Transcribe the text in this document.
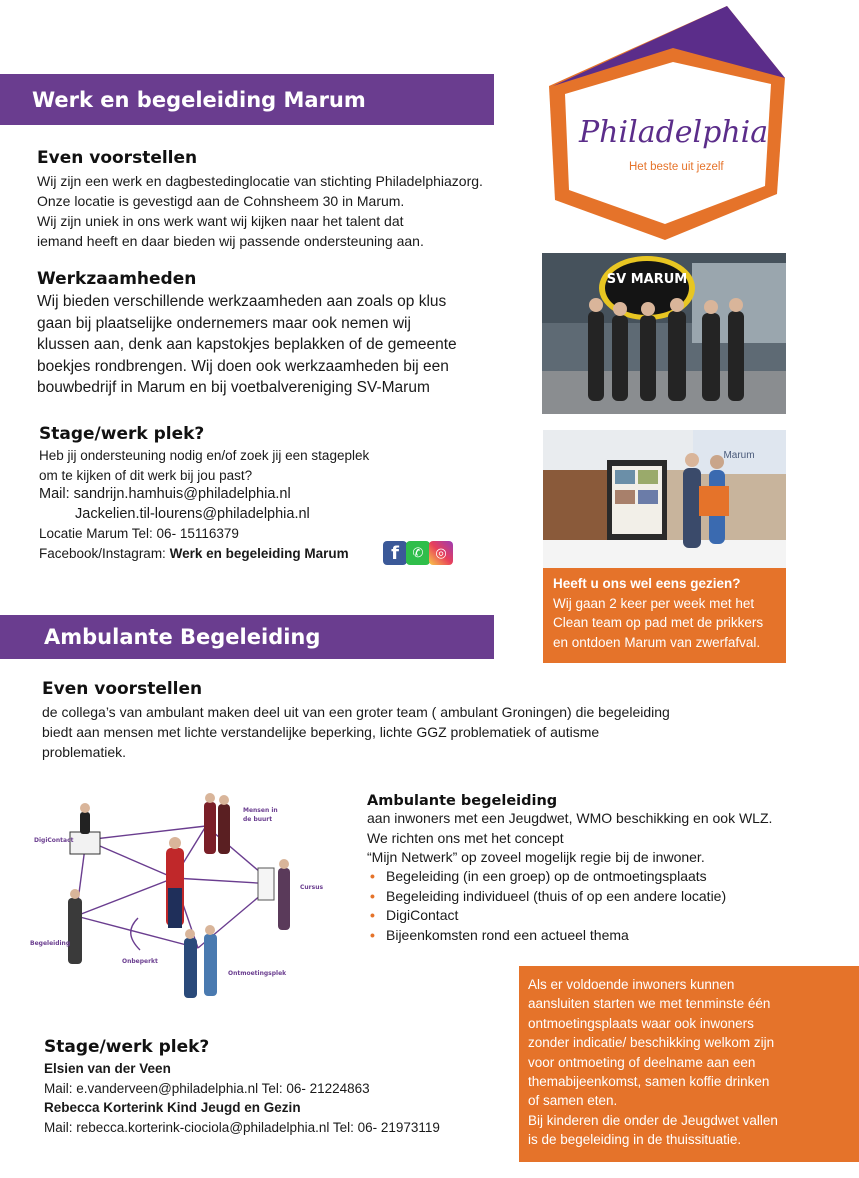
Werk en begeleiding Marum
Even voorstellen
Wij zijn een werk en dagbestedinglocatie van stichting Philadelphiazorg.
Onze locatie is gevestigd aan de Cohnsheem 30 in Marum.
Wij zijn uniek in ons werk want wij kijken naar het talent dat
iemand heeft en daar bieden wij passende ondersteuning aan.
Werkzaamheden
Wij bieden verschillende werkzaamheden aan zoals op klus
gaan bij plaatselijke ondernemers maar ook nemen wij
klussen aan, denk aan kapstokjes beplakken of de gemeente
boekjes rondbrengen. Wij doen ook werkzaamheden bij een
bouwbedrijf in Marum en bij voetbalvereniging SV-Marum
Stage/werk plek?
Heb jij ondersteuning nodig en/of zoek jij een stageplek
om te kijken of dit werk bij jou past?
Mail: sandrijn.hamhuis@philadelphia.nl
Jackelien.til-lourens@philadelphia.nl
Locatie Marum Tel: 06- 15116379
Facebook/Instagram: Werk en begeleiding Marum	f	✆ ◎
Philadelphia
Het beste uit jezelf
SV MARUM
Marum
Heeft u ons wel eens gezien?
Wij gaan 2 keer per week met het
Clean team op pad met de prikkers
en ontdoen Marum van zwerfafval.
Ambulante Begeleiding
Even voorstellen
de collega’s van ambulant maken deel uit van een groter team ( ambulant Groningen) die begeleiding
biedt aan mensen met lichte verstandelijke beperking, lichte GGZ problematiek of autisme
problematiek.
DigiContact
Mensen in
de buurt
Cursus
Begeleiding
Onbeperkt
Ontmoetingsplek
Ambulante begeleiding
aan inwoners met een Jeugdwet, WMO beschikking en ook WLZ.
We richten ons met het concept
“Mijn Netwerk” op zoveel mogelijk regie bij de inwoner.
• Begeleiding (in een groep) op de ontmoetingsplaats
• Begeleiding individueel (thuis of op een andere locatie)
• DigiContact
• Bijeenkomsten rond een actueel thema
Stage/werk plek?
Elsien van der Veen
Mail: e.vanderveen@philadelphia.nl Tel: 06- 21224863
Rebecca Korterink Kind Jeugd en Gezin
Mail: rebecca.korterink-ciociola@philadelphia.nl Tel: 06- 21973119
Als er voldoende inwoners kunnen
aansluiten starten we met tenminste één
ontmoetingsplaats waar ook inwoners
zonder indicatie/ beschikking welkom zijn
voor ontmoeting of deelname aan een
themabijeenkomst, samen koffie drinken
of samen eten.
Bij kinderen die onder de Jeugdwet vallen
is de begeleiding in de thuissituatie.
